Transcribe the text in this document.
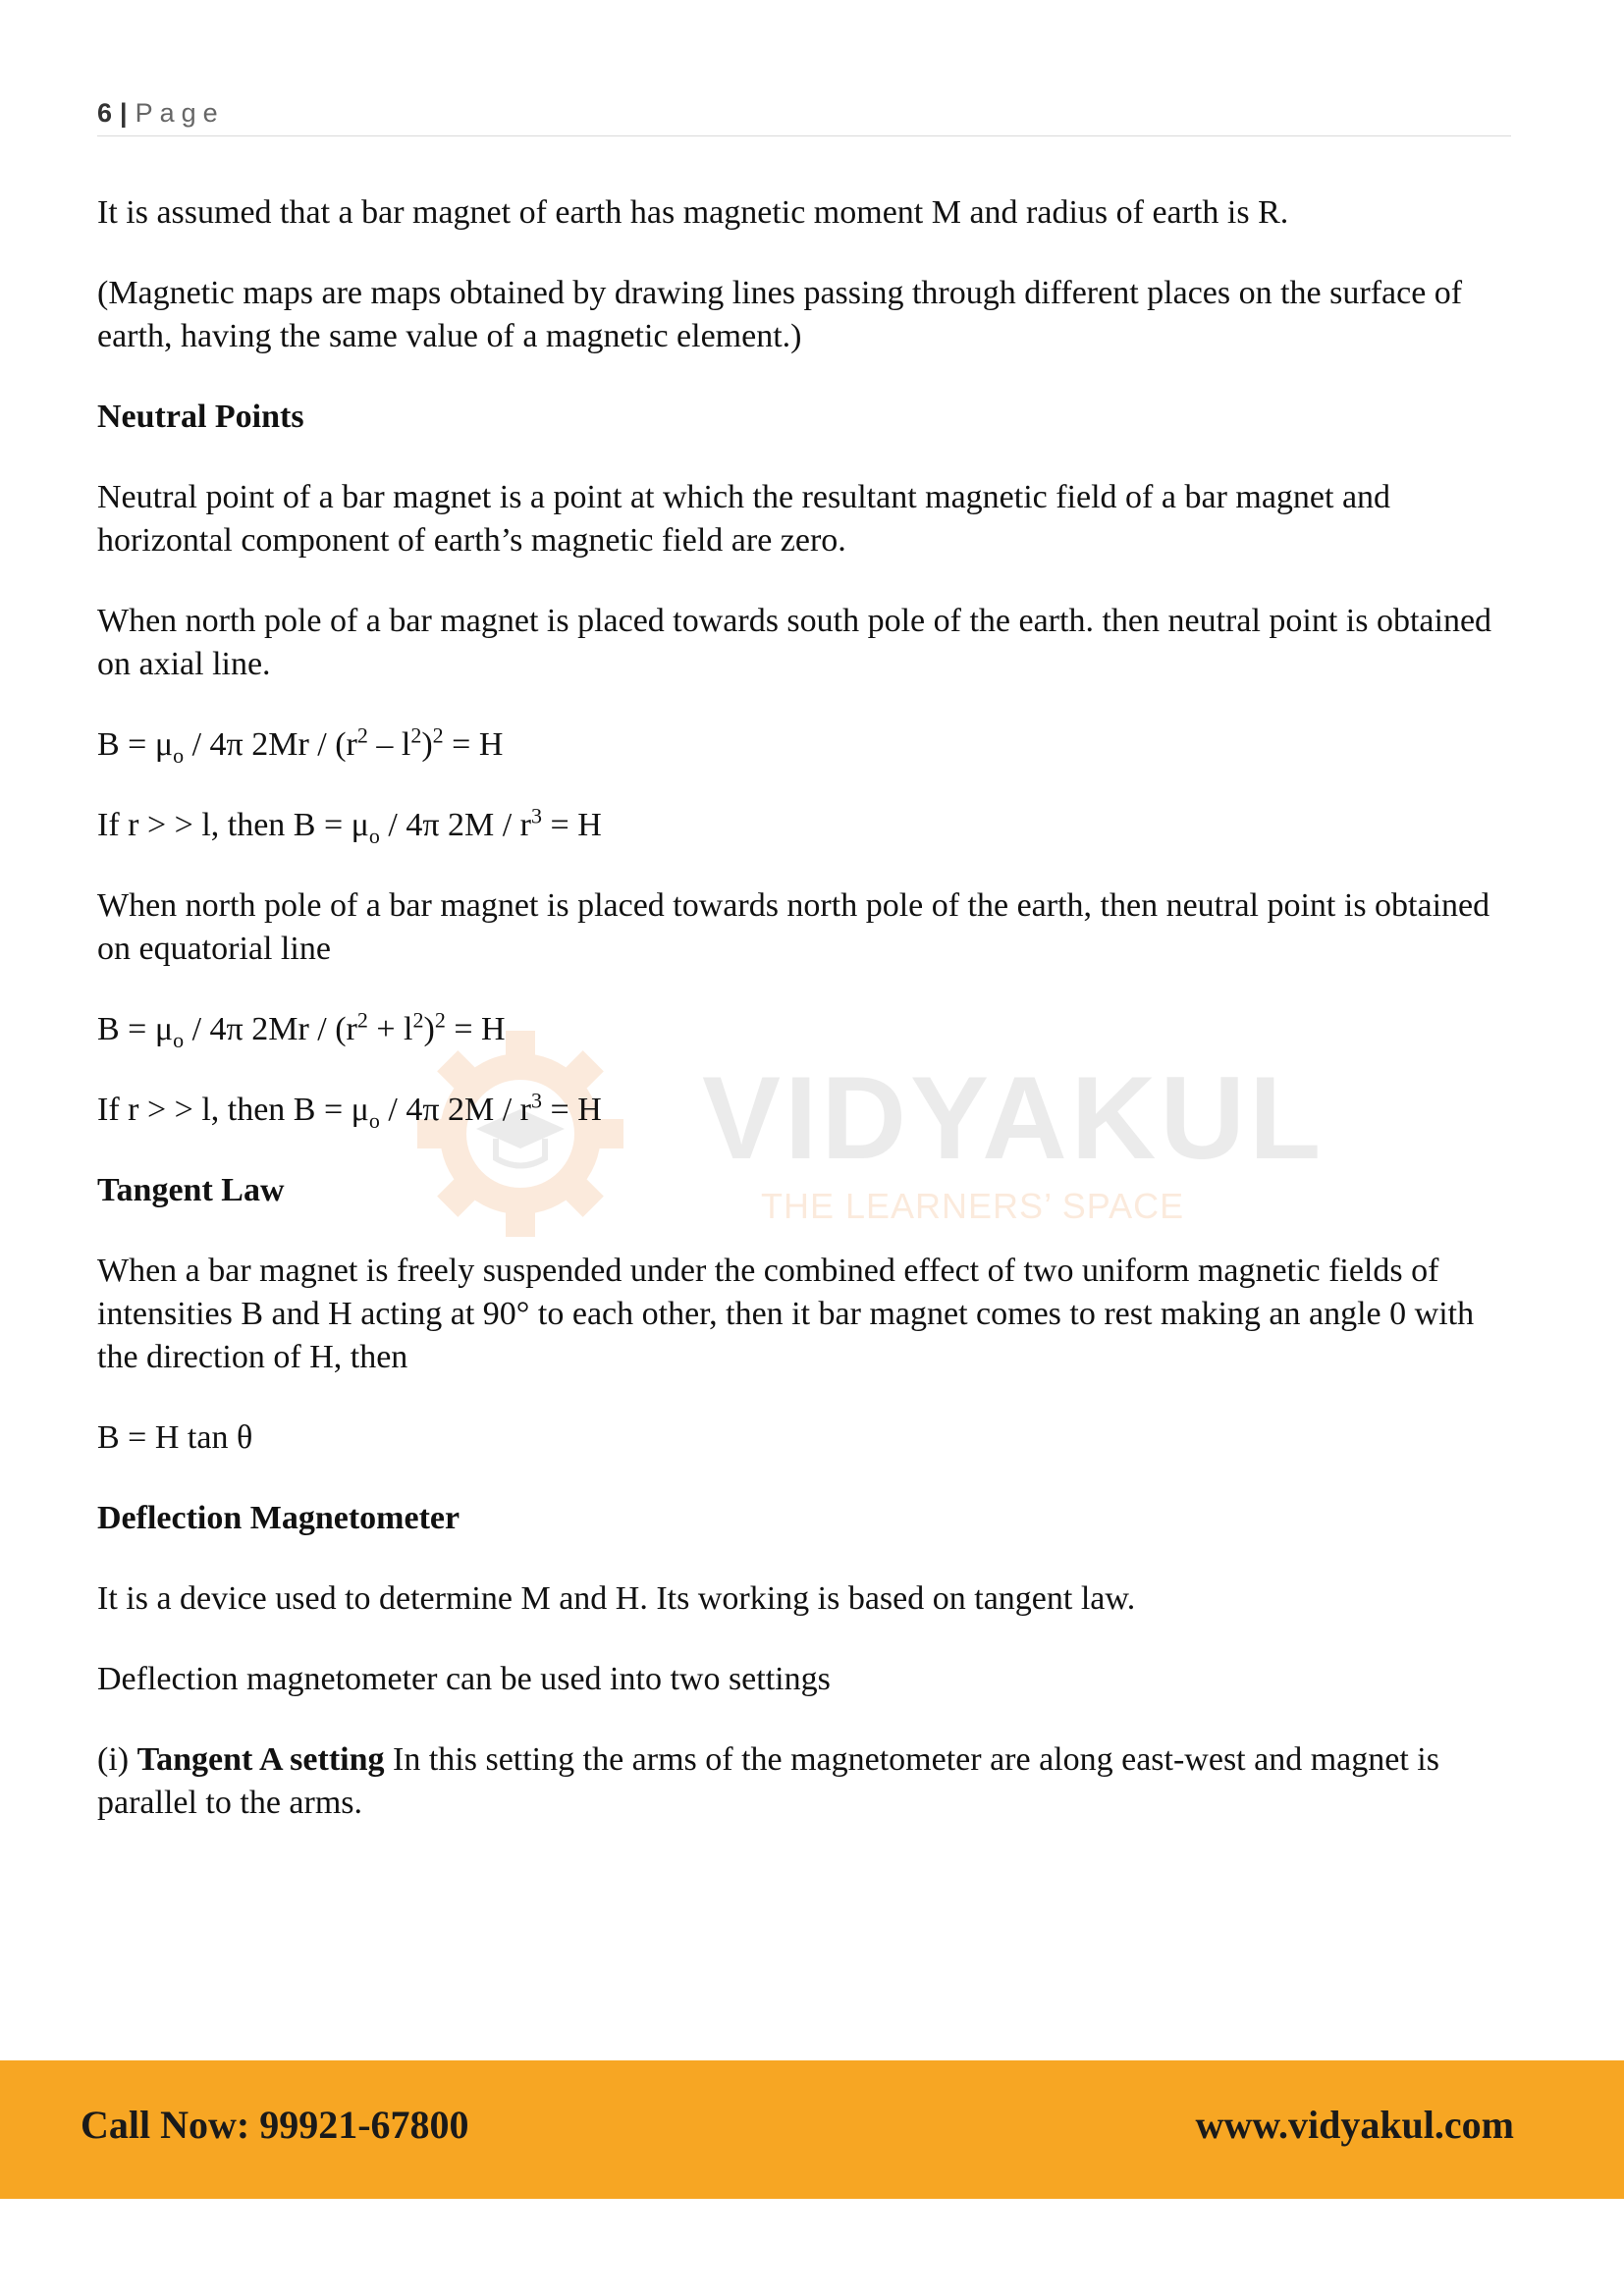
6 | Page
VIDYAKUL
THE LEARNERS’ SPACE

It is assumed that a bar magnet of earth has magnetic moment M and radius of earth is R.

(Magnetic maps are maps obtained by drawing lines passing through different places on the surface of earth, having the same value of a magnetic element.)

Neutral Points

Neutral point of a bar magnet is a point at which the resultant magnetic field of a bar magnet and horizontal component of earth’s magnetic field are zero.

When north pole of a bar magnet is placed towards south pole of the earth. then neutral point is obtained on axial line.

$B = \mu_o / 4\pi$ $2Mr / (r^2 - l^2)^2 = H$

If r > > l, then $B = \mu_o / 4\pi$ $2M / r^3 = H$

When north pole of a bar magnet is placed towards north pole of the earth, then neutral point is obtained on equatorial line

$B = \mu_o / 4\pi$ $2Mr / (r^2 + l^2)^2 = H$

If r > > l, then $B = \mu_o / 4\pi$ $2M / r^3 = H$

Tangent Law

When a bar magnet is freely suspended under the combined effect of two uniform magnetic fields of intensities B and H acting at 90° to each other, then it bar magnet comes to rest making an angle 0 with the direction of H, then

B = H tan θ

Deflection Magnetometer

It is a device used to determine M and H. Its working is based on tangent law.

Deflection magnetometer can be used into two settings

(i) Tangent A setting In this setting the arms of the magnetometer are along east-west and magnet is parallel to the arms.

Call Now: 99921-67800	www.vidyakul.com
